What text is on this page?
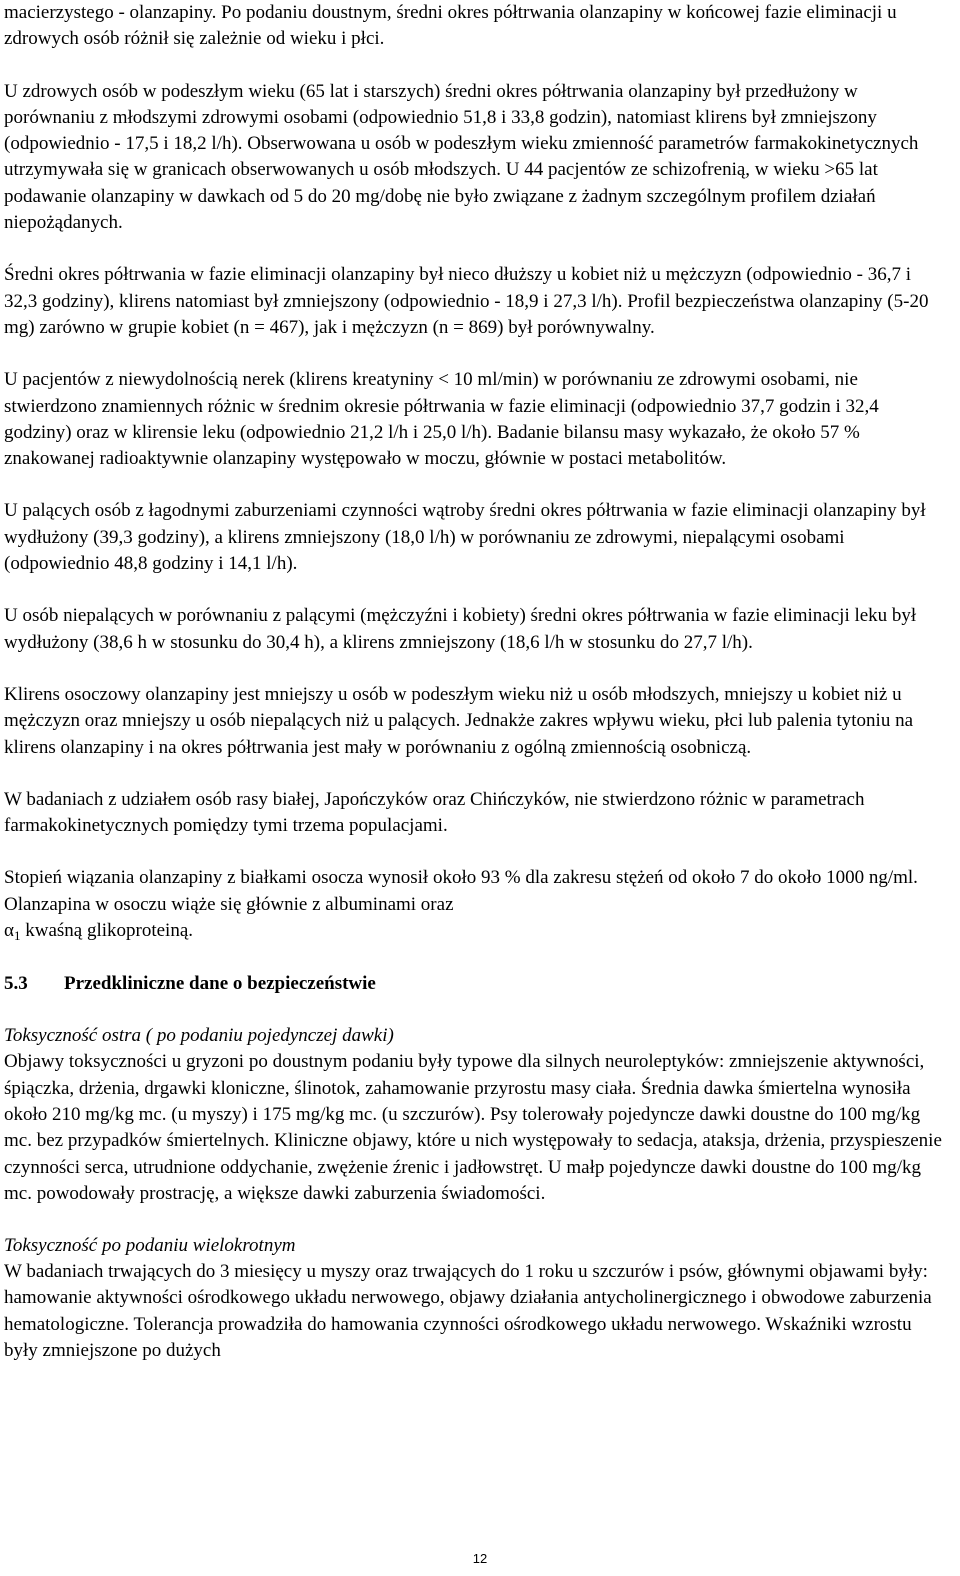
macierzystego - olanzapiny. Po podaniu doustnym, średni okres półtrwania olanzapiny w końcowej fazie eliminacji u zdrowych osób różnił się zależnie od wieku i płci.

U zdrowych osób w podeszłym wieku (65 lat i starszych) średni okres półtrwania olanzapiny był przedłużony w porównaniu z młodszymi zdrowymi osobami (odpowiednio 51,8 i 33,8 godzin), natomiast klirens był zmniejszony (odpowiednio - 17,5 i 18,2 l/h). Obserwowana u osób w podeszłym wieku zmienność parametrów farmakokinetycznych utrzymywała się w granicach obserwowanych u osób młodszych. U 44 pacjentów ze schizofrenią, w wieku >65 lat podawanie olanzapiny w dawkach od 5 do 20 mg/dobę nie było związane z żadnym szczególnym profilem działań niepożądanych.

Średni okres półtrwania w fazie eliminacji olanzapiny był nieco dłuższy u kobiet niż u mężczyzn (odpowiednio - 36,7 i 32,3 godziny), klirens natomiast był zmniejszony (odpowiednio - 18,9 i 27,3 l/h). Profil bezpieczeństwa olanzapiny (5-20 mg) zarówno w grupie kobiet (n = 467), jak i mężczyzn (n = 869) był porównywalny.

U pacjentów z niewydolnością nerek (klirens kreatyniny < 10 ml/min) w porównaniu ze zdrowymi osobami, nie stwierdzono znamiennych różnic w średnim okresie półtrwania w fazie eliminacji (odpowiednio 37,7 godzin i 32,4 godziny) oraz w klirensie leku (odpowiednio 21,2 l/h i 25,0 l/h). Badanie bilansu masy wykazało, że około 57 % znakowanej radioaktywnie olanzapiny występowało w moczu, głównie w postaci metabolitów.

U palących osób z łagodnymi zaburzeniami czynności wątroby średni okres półtrwania w fazie eliminacji olanzapiny był wydłużony (39,3 godziny), a klirens zmniejszony (18,0 l/h) w porównaniu ze zdrowymi, niepalącymi osobami (odpowiednio 48,8 godziny i 14,1 l/h).

U osób niepalących w porównaniu z palącymi (mężczyźni i kobiety) średni okres półtrwania w fazie eliminacji leku był wydłużony (38,6 h w stosunku do 30,4 h), a klirens zmniejszony (18,6 l/h w stosunku do 27,7 l/h).

Klirens osoczowy olanzapiny jest mniejszy u osób w podeszłym wieku niż u osób młodszych, mniejszy u kobiet niż u mężczyzn oraz mniejszy u osób niepalących niż u palących. Jednakże zakres wpływu wieku, płci lub palenia tytoniu na klirens olanzapiny i na okres półtrwania jest mały w porównaniu z ogólną zmiennością osobniczą.

W badaniach z udziałem osób rasy białej, Japończyków oraz Chińczyków, nie stwierdzono różnic w parametrach farmakokinetycznych pomiędzy tymi trzema populacjami.

Stopień wiązania olanzapiny z białkami osocza wynosił około 93 % dla zakresu stężeń od około 7 do około 1000 ng/ml. Olanzapina w osoczu wiąże się głównie z albuminami oraz
$\alpha_1$ kwaśną glikoproteiną.

5.3	Przedkliniczne dane o bezpieczeństwie
Toksyczność ostra ( po podaniu pojedynczej dawki)

Objawy toksyczności u gryzoni po doustnym podaniu były typowe dla silnych neuroleptyków: zmniejszenie aktywności, śpiączka, drżenia, drgawki kloniczne, ślinotok, zahamowanie przyrostu masy ciała. Średnia dawka śmiertelna wynosiła około 210 mg/kg mc. (u myszy) i 175 mg/kg mc. (u szczurów). Psy tolerowały pojedyncze dawki doustne do 100 mg/kg mc. bez przypadków śmiertelnych. Kliniczne objawy, które u nich występowały to sedacja, ataksja, drżenia, przyspieszenie czynności serca, utrudnione oddychanie, zwężenie źrenic i jadłowstręt. U małp pojedyncze dawki doustne do 100 mg/kg mc. powodowały prostrację, a większe dawki zaburzenia świadomości.

Toksyczność po podaniu wielokrotnym

W badaniach trwających do 3 miesięcy u myszy oraz trwających do 1 roku u szczurów i psów, głównymi objawami były: hamowanie aktywności ośrodkowego układu nerwowego, objawy działania antycholinergicznego i obwodowe zaburzenia hematologiczne. Tolerancja prowadziła do hamowania czynności ośrodkowego układu nerwowego. Wskaźniki wzrostu były zmniejszone po dużych

12
